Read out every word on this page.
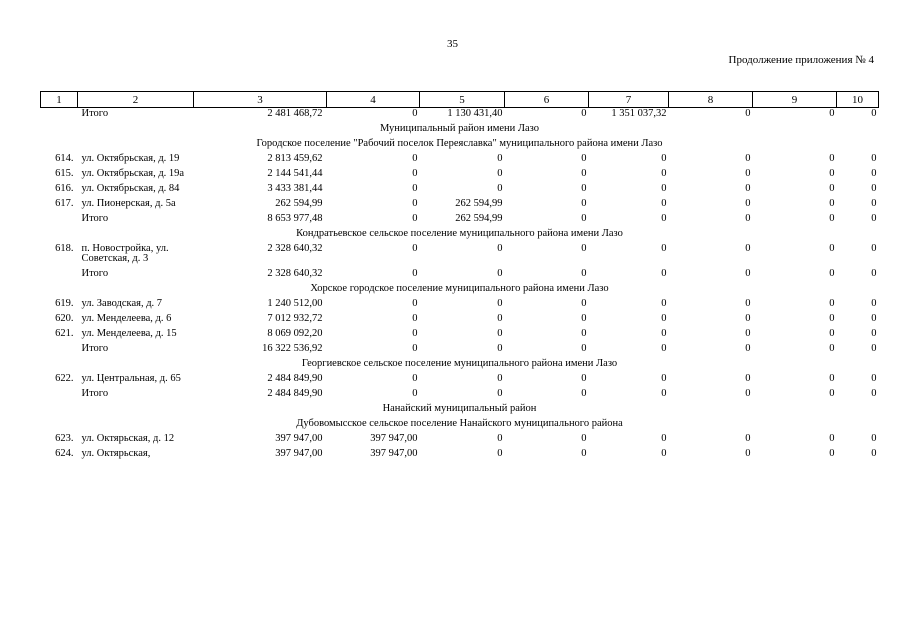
35
Продолжение приложения № 4
1	2	3	4	5	6	7	8	9	10
	Итого	2 481 468,72	0	1 130 431,40	0	1 351 037,32	0	0	0
Муниципальный район имени Лазо									
Городское поселение "Рабочий поселок Переяславка" муниципального района имени Лазо									
614.	ул. Октябрьская, д. 19	2 813 459,62	0	0	0	0	0	0	0
615.	ул. Октябрьская, д. 19а	2 144 541,44	0	0	0	0	0	0	0
616.	ул. Октябрьская, д. 84	3 433 381,44	0	0	0	0	0	0	0
617.	ул. Пионерская, д. 5а	262 594,99	0	262 594,99	0	0	0	0	0
	Итого	8 653 977,48	0	262 594,99	0	0	0	0	0
Кондратьевское сельское поселение муниципального района имени Лазо									
618.	п. Новостройка, ул. Советская, д. 3	2 328 640,32	0	0	0	0	0	0	0
	Итого	2 328 640,32	0	0	0	0	0	0	0
Хорское городское поселение муниципального района имени Лазо									
619.	ул. Заводская, д. 7	1 240 512,00	0	0	0	0	0	0	0
620.	ул. Менделеева, д. 6	7 012 932,72	0	0	0	0	0	0	0
621.	ул. Менделеева, д. 15	8 069 092,20	0	0	0	0	0	0	0
	Итого	16 322 536,92	0	0	0	0	0	0	0
Георгиевское сельское поселение муниципального района имени Лазо									
622.	ул. Центральная, д. 65	2 484 849,90	0	0	0	0	0	0	0
	Итого	2 484 849,90	0	0	0	0	0	0	0
Нанайский муниципальный район									
Дубовомысское сельское поселение Нанайского муниципального района									
623.	ул. Октярьская, д. 12	397 947,00	397 947,00	0	0	0	0	0	0
624.	ул. Октярьская,	397 947,00	397 947,00	0	0	0	0	0	0
